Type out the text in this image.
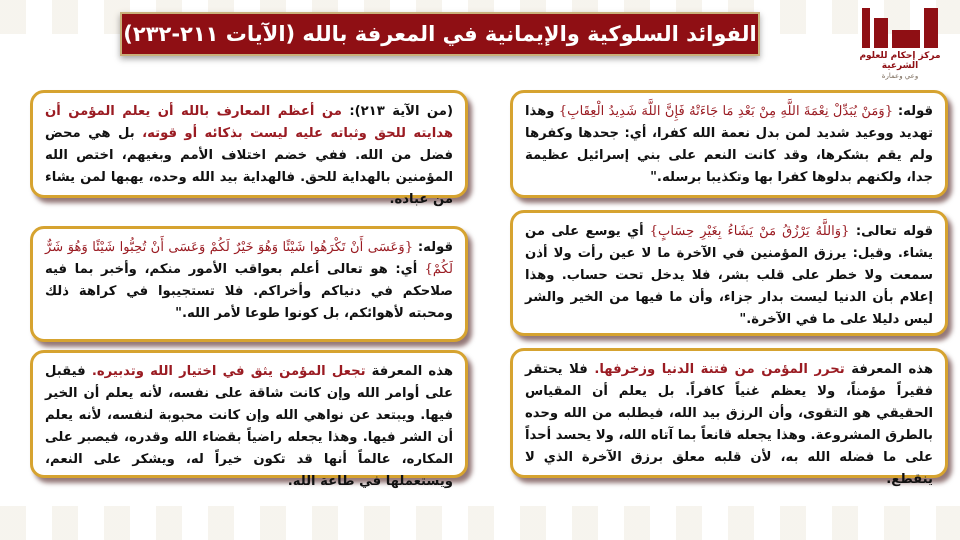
الفوائد السلوكية والإيمانية في المعرفة بالله (الآيات ٢١١-٢٣٢)
مركز إحكام للعلوم الشرعية
وعي وعمارة
قوله: {وَمَنْ يُبَدِّلْ نِعْمَةَ اللَّهِ مِنْ بَعْدِ مَا جَاءَتْهُ فَإِنَّ اللَّهَ شَدِيدُ الْعِقَابِ} وهذا تهديد ووعيد شديد لمن بدل نعمة الله كفرا، أي: جحدها وكفرها ولم يقم بشكرها، وقد كانت النعم على بني إسرائيل عظيمة جدا، ولكنهم بدلوها كفرا بها وتكذيبا برسله."
قوله تعالى: {وَاللَّهُ يَرْزُقُ مَنْ يَشَاءُ بِغَيْرِ حِسَابٍ} أي يوسع على من يشاء. وقيل: يرزق المؤمنين في الآخرة ما لا عين رأت ولا أذن سمعت ولا خطر على قلب بشر، فلا يدخل تحت حساب. وهذا إعلام بأن الدنيا ليست بدار جزاء، وأن ما فيها من الخير والشر ليس دليلا على ما في الآخرة."
هذه المعرفة تحرر المؤمن من فتنة الدنيا وزخرفها. فلا يحتقر فقيراً مؤمناً، ولا يعظم غنياً كافراً. بل يعلم أن المقياس الحقيقي هو التقوى، وأن الرزق بيد الله، فيطلبه من الله وحده بالطرق المشروعة. وهذا يجعله قانعاً بما آتاه الله، ولا يحسد أحداً على ما فضله الله به، لأن قلبه معلق برزق الآخرة الذي لا ينقطع.
(من الآية ٢١٣): من أعظم المعارف بالله أن يعلم المؤمن أن هدايته للحق وثباته عليه ليست بذكائه أو قوته، بل هي محض فضل من الله. ففي خضم اختلاف الأمم وبغيهم، اختص الله المؤمنين بالهداية للحق. فالهداية بيد الله وحده، يهبها لمن يشاء من عباده.
قوله: {وَعَسَى أَنْ تَكْرَهُوا شَيْئًا وَهُوَ خَيْرٌ لَكُمْ وَعَسَى أَنْ تُحِبُّوا شَيْئًا وَهُوَ شَرٌّ لَكُمْ} أي: هو تعالى أعلم بعواقب الأمور منكم، وأخبر بما فيه صلاحكم في دنياكم وأخراكم. فلا تستجيبوا في كراهة ذلك ومحبته لأهوائكم، بل كونوا طوعا لأمر الله."
هذه المعرفة تجعل المؤمن يثق في اختيار الله وتدبيره. فيقبل على أوامر الله وإن كانت شاقة على نفسه، لأنه يعلم أن الخير فيها. ويبتعد عن نواهي الله وإن كانت محبوبة لنفسه، لأنه يعلم أن الشر فيها. وهذا يجعله راضياً بقضاء الله وقدره، فيصبر على المكاره، عالماً أنها قد تكون خيراً له، ويشكر على النعم، ويستعملها في طاعة الله.
